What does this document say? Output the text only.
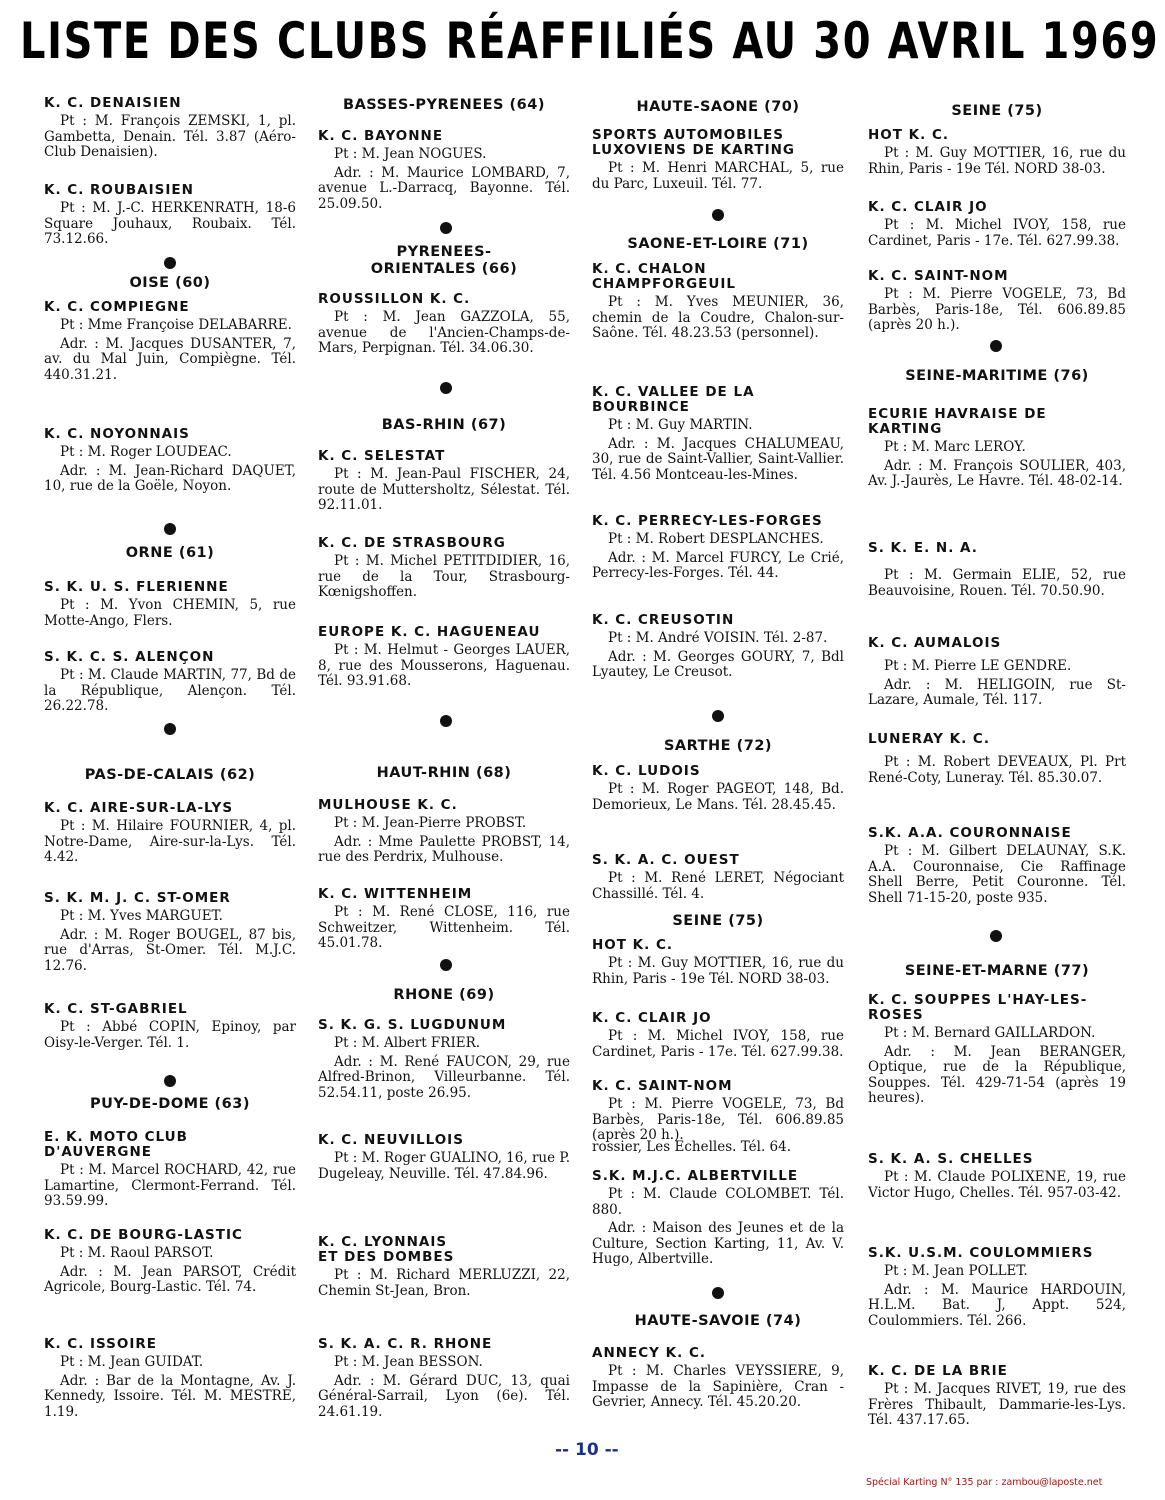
LISTE DES CLUBS RÉAFFILIÉS AU 30 AVRIL 1969
K. C. DENAISIEN

Pt : M. François ZEMSKI, 1, pl. Gambetta, Denain. Tél. 3.87 (Aéro-Club Denaisien).

K. C. ROUBAISIEN

Pt : M. J.-C. HERKENRATH, 18-6 Square Jouhaux, Roubaix. Tél. 73.12.66.

OISE (60)
K. C. COMPIEGNE

Pt : Mme Françoise DELABARRE.

Adr. : M. Jacques DUSANTER, 7, av. du Mal Juin, Compiègne. Tél. 440.31.21.

K. C. NOYONNAIS

Pt : M. Roger LOUDEAC.

Adr. : M. Jean-Richard DAQUET, 10, rue de la Goële, Noyon.

ORNE (61)
S. K. U. S. FLERIENNE

Pt : M. Yvon CHEMIN, 5, rue Motte-Ango, Flers.

S. K. C. S. ALENÇON

Pt : M. Claude MARTIN, 77, Bd de la République, Alençon. Tél. 26.22.78.

PAS-DE-CALAIS (62)
K. C. AIRE-SUR-LA-LYS

Pt : M. Hilaire FOURNIER, 4, pl. Notre-Dame, Aire-sur-la-Lys. Tél. 4.42.

S. K. M. J. C. ST-OMER

Pt : M. Yves MARGUET.

Adr. : M. Roger BOUGEL, 87 bis, rue d'Arras, St-Omer. Tél. M.J.C. 12.76.

K. C. ST-GABRIEL

Pt : Abbé COPIN, Epinoy, par Oisy-le-Verger. Tél. 1.

PUY-DE-DOME (63)
E. K. MOTO CLUB D'AUVERGNE

Pt : M. Marcel ROCHARD, 42, rue Lamartine, Clermont-Ferrand. Tél. 93.59.99.

K. C. DE BOURG-LASTIC

Pt : M. Raoul PARSOT.

Adr. : M. Jean PARSOT, Crédit Agricole, Bourg-Lastic. Tél. 74.

K. C. ISSOIRE

Pt : M. Jean GUIDAT.

Adr. : Bar de la Montagne, Av. J. Kennedy, Issoire. Tél. M. MESTRE, 1.19.

BASSES-PYRENEES (64)
K. C. BAYONNE

Pt : M. Jean NOGUES.

Adr. : M. Maurice LOMBARD, 7, avenue L.-Darracq, Bayonne. Tél. 25.09.50.

PYRENEES-ORIENTALES (66)
ROUSSILLON K. C.

Pt : M. Jean GAZZOLA, 55, avenue de l'Ancien-Champs-de-Mars, Perpignan. Tél. 34.06.30.

BAS-RHIN (67)
K. C. SELESTAT

Pt : M. Jean-Paul FISCHER, 24, route de Muttersholtz, Sélestat. Tél. 92.11.01.

K. C. DE STRASBOURG

Pt : M. Michel PETITDIDIER, 16, rue de la Tour, Strasbourg-Kœnigshoffen.

EUROPE K. C. HAGUENEAU

Pt : M. Helmut - Georges LAUER, 8, rue des Mousserons, Haguenau. Tél. 93.91.68.

HAUT-RHIN (68)
MULHOUSE K. C.

Pt : M. Jean-Pierre PROBST.

Adr. : Mme Paulette PROBST, 14, rue des Perdrix, Mulhouse.

K. C. WITTENHEIM

Pt : M. René CLOSE, 116, rue Schweitzer, Wittenheim. Tél. 45.01.78.

RHONE (69)
S. K. G. S. LUGDUNUM

Pt : M. Albert FRIER.

Adr. : M. René FAUCON, 29, rue Alfred-Brinon, Villeurbanne. Tél. 52.54.11, poste 26.95.

K. C. NEUVILLOIS

Pt : M. Roger GUALINO, 16, rue P. Dugeleay, Neuville. Tél. 47.84.96.

K. C. LYONNAIS ET DES DOMBES

Pt : M. Richard MERLUZZI, 22, Chemin St-Jean, Bron.

S. K. A. C. R. RHONE

Pt : M. Jean BESSON.

Adr. : M. Gérard DUC, 13, quai Général-Sarrail, Lyon (6e). Tél. 24.61.19.

HAUTE-SAONE (70)
SPORTS AUTOMOBILES LUXOVIENS DE KARTING

Pt : M. Henri MARCHAL, 5, rue du Parc, Luxeuil. Tél. 77.

SAONE-ET-LOIRE (71)
K. C. CHALON CHAMPFORGEUIL

Pt : M. Yves MEUNIER, 36, chemin de la Coudre, Chalon-sur-Saône. Tél. 48.23.53 (personnel).

K. C. VALLEE DE LA BOURBINCE

Pt : M. Guy MARTIN.

Adr. : M. Jacques CHALUMEAU, 30, rue de Saint-Vallier, Saint-Vallier. Tél. 4.56 Montceau-les-Mines.

K. C. PERRECY-LES-FORGES

Pt : M. Robert DESPLANCHES.

Adr. : M. Marcel FURCY, Le Crié, Perrecy-les-Forges. Tél. 44.

K. C. CREUSOTIN

Pt : M. André VOISIN. Tél. 2-87.

Adr. : M. Georges GOURY, 7, Bdl Lyautey, Le Creusot.

SARTHE (72)
K. C. LUDOIS

Pt : M. Roger PAGEOT, 148, Bd. Demorieux, Le Mans. Tél. 28.45.45.

S. K. A. C. OUEST

Pt : M. René LERET, Négociant Chassillé. Tél. 4.

SEINE (75)
HOT K. C.

Pt : M. Guy MOTTIER, 16, rue du Rhin, Paris - 19e Tél. NORD 38-03.

K. C. CLAIR JO

Pt : M. Michel IVOY, 158, rue Cardinet, Paris - 17e. Tél. 627.99.38.

K. C. SAINT-NOM

Pt : M. Pierre VOGELE, 73, Bd Barbès, Paris-18e, Tél. 606.89.85 (après 20 h.).

rossier, Les Echelles. Tél. 64.
S.K. M.J.C. ALBERTVILLE

Pt : M. Claude COLOMBET. Tél. 880.

Adr. : Maison des Jeunes et de la Culture, Section Karting, 11, Av. V. Hugo, Albertville.

HAUTE-SAVOIE (74)
ANNECY K. C.

Pt : M. Charles VEYSSIERE, 9, Impasse de la Sapinière, Cran - Gevrier, Annecy. Tél. 45.20.20.

SEINE (75)
HOT K. C.

Pt : M. Guy MOTTIER, 16, rue du Rhin, Paris - 19e Tél. NORD 38-03.

K. C. CLAIR JO

Pt : M. Michel IVOY, 158, rue Cardinet, Paris - 17e. Tél. 627.99.38.

K. C. SAINT-NOM

Pt : M. Pierre VOGELE, 73, Bd Barbès, Paris-18e, Tél. 606.89.85 (après 20 h.).

SEINE-MARITIME (76)
ECURIE HAVRAISE DE KARTING

Pt : M. Marc LEROY.

Adr. : M. François SOULIER, 403, Av. J.-Jaurès, Le Havre. Tél. 48-02-14.

S. K. E. N. A.

Pt : M. Germain ELIE, 52, rue Beauvoisine, Rouen. Tél. 70.50.90.

K. C. AUMALOIS

Pt : M. Pierre LE GENDRE.

Adr. : M. HELIGOIN, rue St-Lazare, Aumale, Tél. 117.

LUNERAY K. C.

Pt : M. Robert DEVEAUX, Pl. Prt René-Coty, Luneray. Tél. 85.30.07.

S.K. A.A. COURONNAISE

Pt : M. Gilbert DELAUNAY, S.K. A.A. Couronnaise, Cie Raffinage Shell Berre, Petit Couronne. Tél. Shell 71-15-20, poste 935.

SEINE-ET-MARNE (77)
K. C. SOUPPES L'HAY-LES-ROSES

Pt : M. Bernard GAILLARDON.

Adr. : M. Jean BERANGER, Optique, rue de la République, Souppes. Tél. 429-71-54 (après 19 heures).

S. K. A. S. CHELLES

Pt : M. Claude POLIXENE, 19, rue Victor Hugo, Chelles. Tél. 957-03-42.

S.K. U.S.M. COULOMMIERS

Pt : M. Jean POLLET.

Adr. : M. Maurice HARDOUIN, H.L.M. Bat. J, Appt. 524, Coulommiers. Tél. 266.

K. C. DE LA BRIE

Pt : M. Jacques RIVET, 19, rue des Frères Thibault, Dammarie-les-Lys. Tél. 437.17.65.

-- 10 --
Spécial Karting N° 135 par : zambou@laposte.net
